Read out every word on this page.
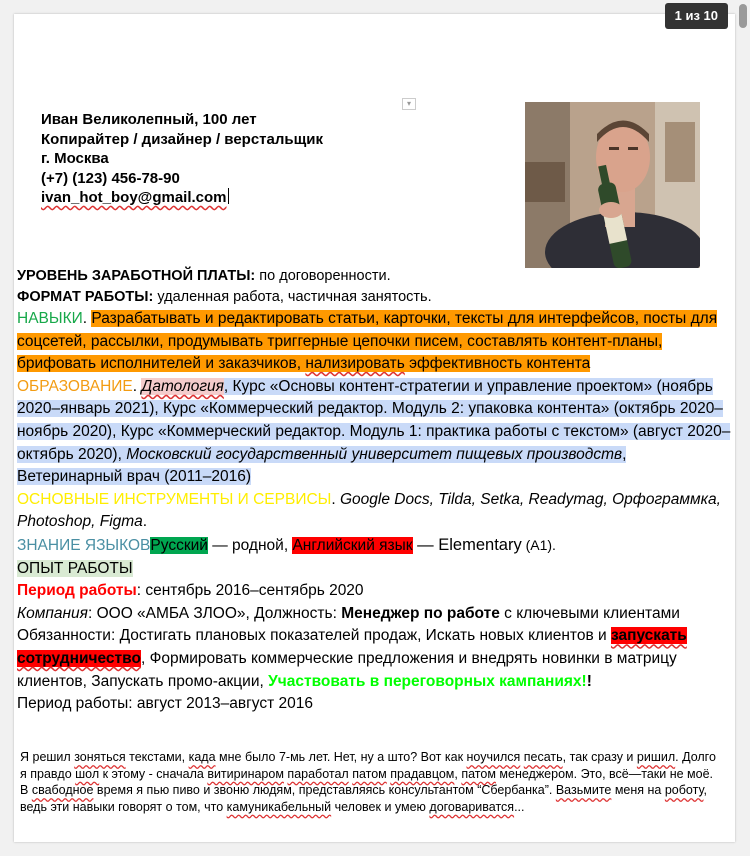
▾
Иван Великолепный, 100 лет
Копирайтер / дизайнер / верстальщик
г. Москва
(+7) (123) 456-78-90
ivan_hot_boy@gmail.com
1 из 10

УРОВЕНЬ ЗАРАБОТНОЙ ПЛАТЫ: по договоренности.

ФОРМАТ РАБОТЫ: удаленная работа, частичная занятость.

НАВЫКИ. Разрабатывать и редактировать статьи, карточки, тексты для интерфейсов, посты для соцсетей, рассылки, продумывать триггерные цепочки писем, составлять контент-планы, брифовать исполнителей и заказчиков, нализировать эффективность контента

ОБРАЗОВАНИЕ. Датология, Курс «Основы контент-стратегии и управление проектом» (ноябрь 2020–январь 2021), Курс «Коммерческий редактор. Модуль 2: упаковка контента» (октябрь 2020–ноябрь 2020), Курс «Коммерческий редактор. Модуль 1: практика работы с текстом» (август 2020–октябрь 2020), Московский государственный университет пищевых производств, Ветеринарный врач (2011–2016)

ОСНОВНЫЕ ИНСТРУМЕНТЫ И СЕРВИСЫ. Google Docs, Tilda, Setka, Readymag, Орфограммка, Photoshop, Figma.

ЗНАНИЕ ЯЗЫКОВРусский — родной, Английский язык — Elementary (A1).

ОПЫТ РАБОТЫ

Период работы: сентябрь 2016–сентябрь 2020

Компания: ООО «АМБА ЗЛОО», Должность: Менеджер по работе с ключевыми клиентами

Обязанности: Достигать плановых показателей продаж, Искать новых клиентов и запускать сотрудничество, Формировать коммерческие предложения и внедрять новинки в матрицу клиентов, Запускать промо-акции, Участвовать в переговорных кампаниях!!

Период работы: август 2013–август 2016

Я решил зоняться текстами, када мне было 7-мь лет. Нет, ну а што? Вот как ноучился песать, так сразу и ришил. Долго я правдо шол к этому - сначала витиринаром паработал патом прадавцом, патом менеджером. Это, всё—таки не моё. В свабодное время я пью пиво и звоню людям, представляясь консультантом “Сбербанка”. Вазьмите меня на роботу, ведь эти навыки говорят о том, что камуникабельный человек и умею договариватся...
